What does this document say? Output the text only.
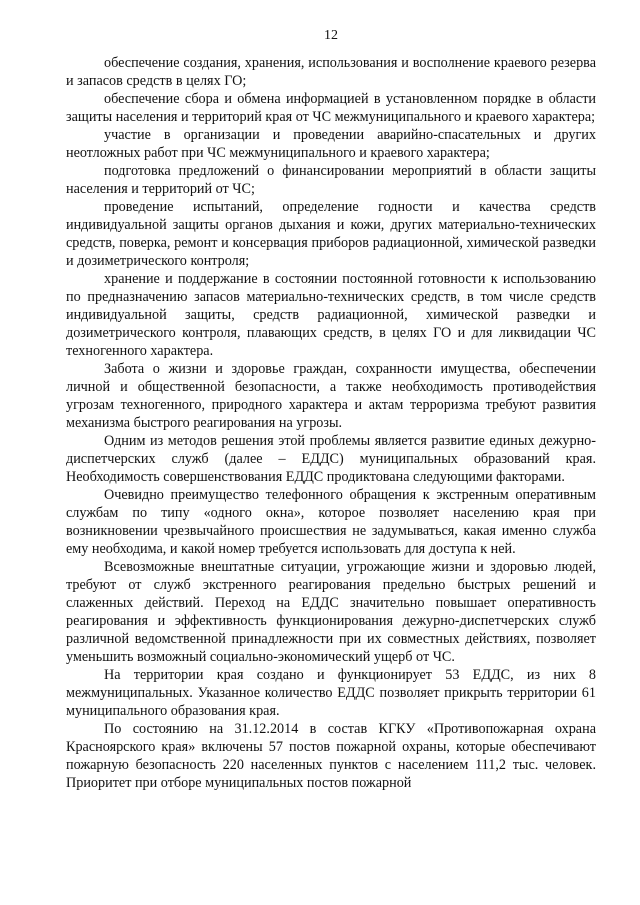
12

обеспечение создания, хранения, использования и восполнение краевого резерва и запасов средств в целях ГО;

обеспечение сбора и обмена информацией в установленном порядке в области защиты населения и территорий края от ЧС межмуниципального и краевого характера;

участие в организации и проведении аварийно-спасательных и других неотложных работ при ЧС межмуниципального и краевого характера;

подготовка предложений о финансировании мероприятий в области защиты населения и территорий от ЧС;

проведение испытаний, определение годности и качества средств индивидуальной защиты органов дыхания и кожи, других материально-технических средств, поверка, ремонт и консервация приборов радиационной, химической разведки и дозиметрического контроля;

хранение и поддержание в состоянии постоянной готовности к использованию по предназначению запасов материально-технических средств, в том числе средств индивидуальной защиты, средств радиационной, химической разведки и дозиметрического контроля, плавающих средств, в целях ГО и для ликвидации ЧС техногенного характера.

Забота о жизни и здоровье граждан, сохранности имущества, обеспечении личной и общественной безопасности, а также необходимость противодействия угрозам техногенного, природного характера и актам терроризма требуют развития механизма быстрого реагирования на угрозы.

Одним из методов решения этой проблемы является развитие единых дежурно-диспетчерских служб (далее – ЕДДС) муниципальных образований края. Необходимость совершенствования ЕДДС продиктована следующими факторами.

Очевидно преимущество телефонного обращения к экстренным оперативным службам по типу «одного окна», которое позволяет населению края при возникновении чрезвычайного происшествия не задумываться, какая именно служба ему необходима, и какой номер требуется использовать для доступа к ней.

Всевозможные внештатные ситуации, угрожающие жизни и здоровью людей, требуют от служб экстренного реагирования предельно быстрых решений и слаженных действий. Переход на ЕДДС значительно повышает оперативность реагирования и эффективность функционирования дежурно-диспетчерских служб различной ведомственной принадлежности при их совместных действиях, позволяет уменьшить возможный социально-экономический ущерб от ЧС.

На территории края создано и функционирует 53 ЕДДС, из них 8 межмуниципальных. Указанное количество ЕДДС позволяет прикрыть территории 61 муниципального образования края.

По состоянию на 31.12.2014 в состав КГКУ «Противопожарная охрана Красноярского края» включены 57 постов пожарной охраны, которые обеспечивают пожарную безопасность 220 населенных пунктов с населением 111,2 тыс. человек. Приоритет при отборе муниципальных постов пожарной
